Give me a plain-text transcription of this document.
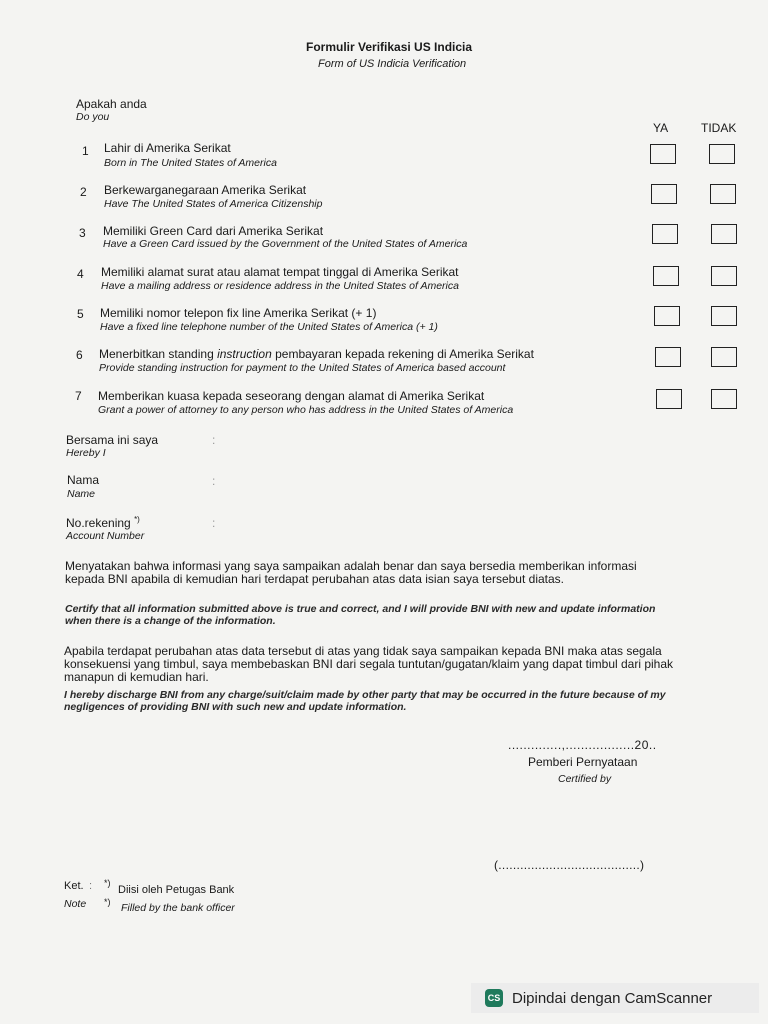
Formulir Verifikasi US Indicia
Form of US Indicia Verification
Apakah anda
Do you
YA	TIDAK
1 Lahir di Amerika Serikat
Born in The United States of America
2 Berkewarganegaraan Amerika Serikat
Have The United States of America Citizenship
3 Memiliki Green Card dari Amerika Serikat
Have a Green Card issued by the Government of the United States of America
4 Memiliki alamat surat atau alamat tempat tinggal di Amerika Serikat
Have a mailing address or residence address in the United States of America
5 Memiliki nomor telepon fix line Amerika Serikat (+ 1)
Have a fixed line telephone number of the United States of America (+ 1)
6 Menerbitkan standing instruction pembayaran kepada rekening di Amerika Serikat
Provide standing instruction for payment to the United States of America based account
7 Memberikan kuasa kepada seseorang dengan alamat di Amerika Serikat
Grant a power of attorney to any person who has address in the United States of America
Bersama ini saya
Hereby I
:
Nama
Name
:
No.rekening *)
Account Number
:
Menyatakan bahwa informasi yang saya sampaikan adalah benar dan saya bersedia memberikan informasi kepada BNI apabila di kemudian hari terdapat perubahan atas data isian saya tersebut diatas.
Certify that all information submitted above is true and correct, and I will provide BNI with new and update information when there is a change of the information.
Apabila terdapat perubahan atas data tersebut di atas yang tidak saya sampaikan kepada BNI maka atas segala konsekuensi yang timbul, saya membebaskan BNI dari segala tuntutan/gugatan/klaim yang dapat timbul dari pihak manapun di kemudian hari.
I hereby discharge BNI from any charge/suit/claim made by other party that may be occurred in the future because of my negligences of providing BNI with such new and update information.
..............,..................20..
Pemberi Pernyataan
Certified by
(.......................................)
Ket.
Note
: *)
Diisi oleh Petugas Bank
*) Filled by the bank officer
CS Dipindai dengan CamScanner
